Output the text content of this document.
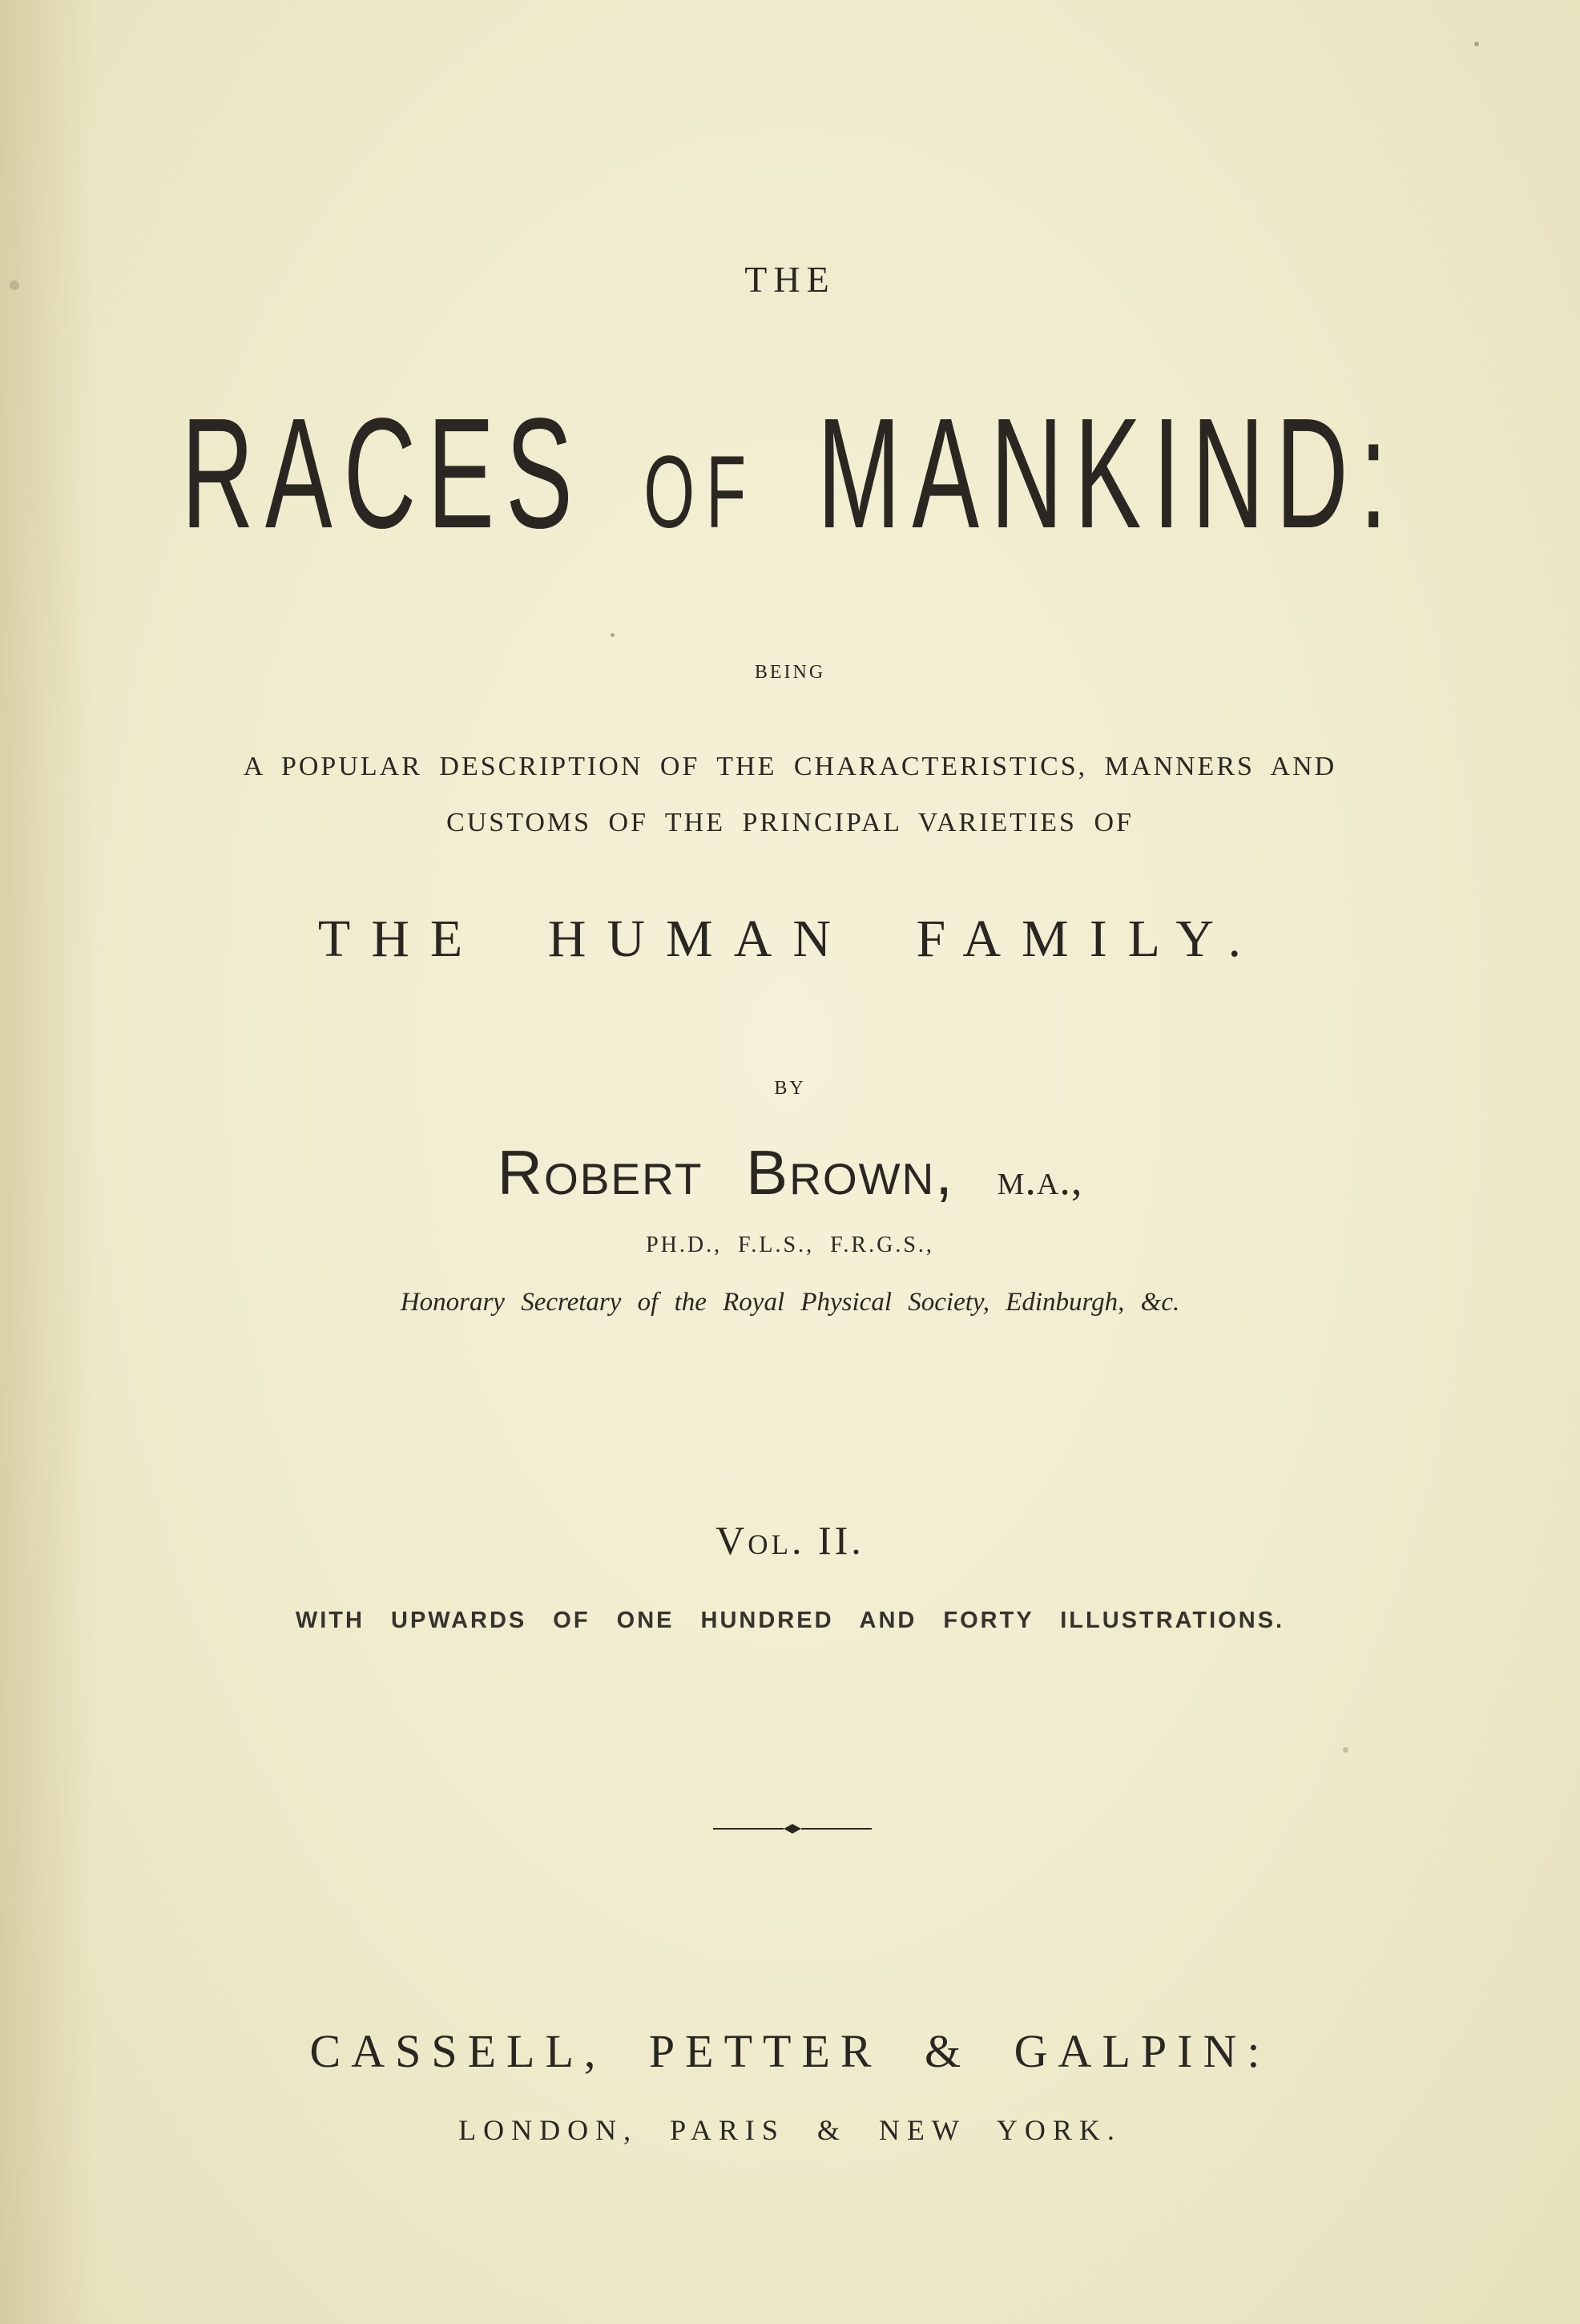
THE

RACES OF MANKIND:

BEING

A POPULAR DESCRIPTION OF THE CHARACTERISTICS, MANNERS AND

CUSTOMS OF THE PRINCIPAL VARIETIES OF

THE HUMAN FAMILY.

BY

Robert Brown, m.a.,

PH.D., F.L.S., F.R.G.S.,

Honorary Secretary of the Royal Physical Society, Edinburgh, &c.

Vol. II.

WITH UPWARDS OF ONE HUNDRED AND FORTY ILLUSTRATIONS.

CASSELL, PETTER & GALPIN:

LONDON, PARIS & NEW YORK.
